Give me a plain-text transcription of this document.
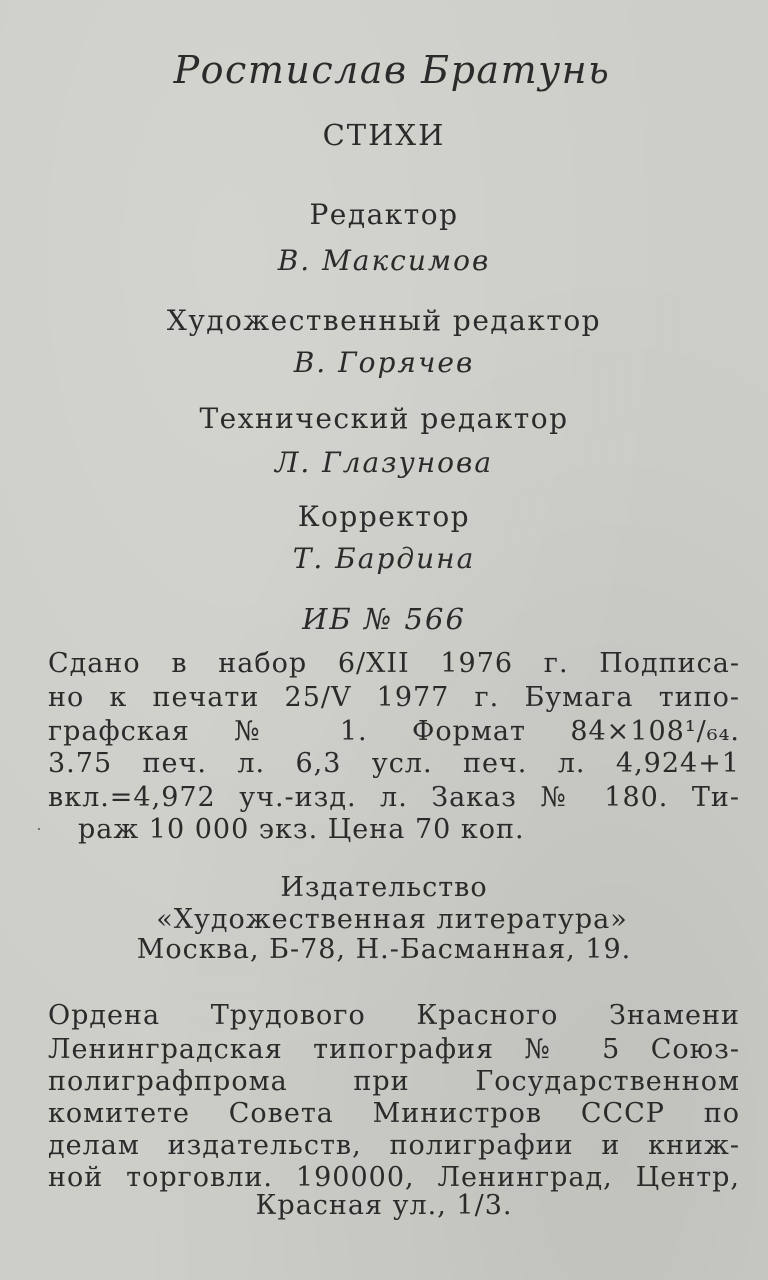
Ростислав Братунь
СТИХИ
Редактор
В. Максимов
Художественный редактор
В. Горячев
Технический редактор
Л. Глазунова
Корректор
Т. Бардина
ИБ № 566
Сдано в набор 6/XII 1976 г. Подписа-
но к печати 25/V 1977 г. Бумага типо-
графская № 1. Формат 84×108¹/₆₄.
3.75 печ. л. 6,3 усл. печ. л. 4,924+1
вкл.=4,972 уч.-изд. л. Заказ № 180. Ти-
раж 10 000 экз. Цена 70 коп.
Издательство
«Художественная литература»
Москва, Б-78, Н.-Басманная, 19.
Ордена Трудового Красного Знамени
Ленинградская типография № 5 Союз-
полиграфпрома при Государственном
комитете Совета Министров СССР по
делам издательств, полиграфии и книж-
ной торговли. 190000, Ленинград, Центр,
Красная ул., 1/3.
